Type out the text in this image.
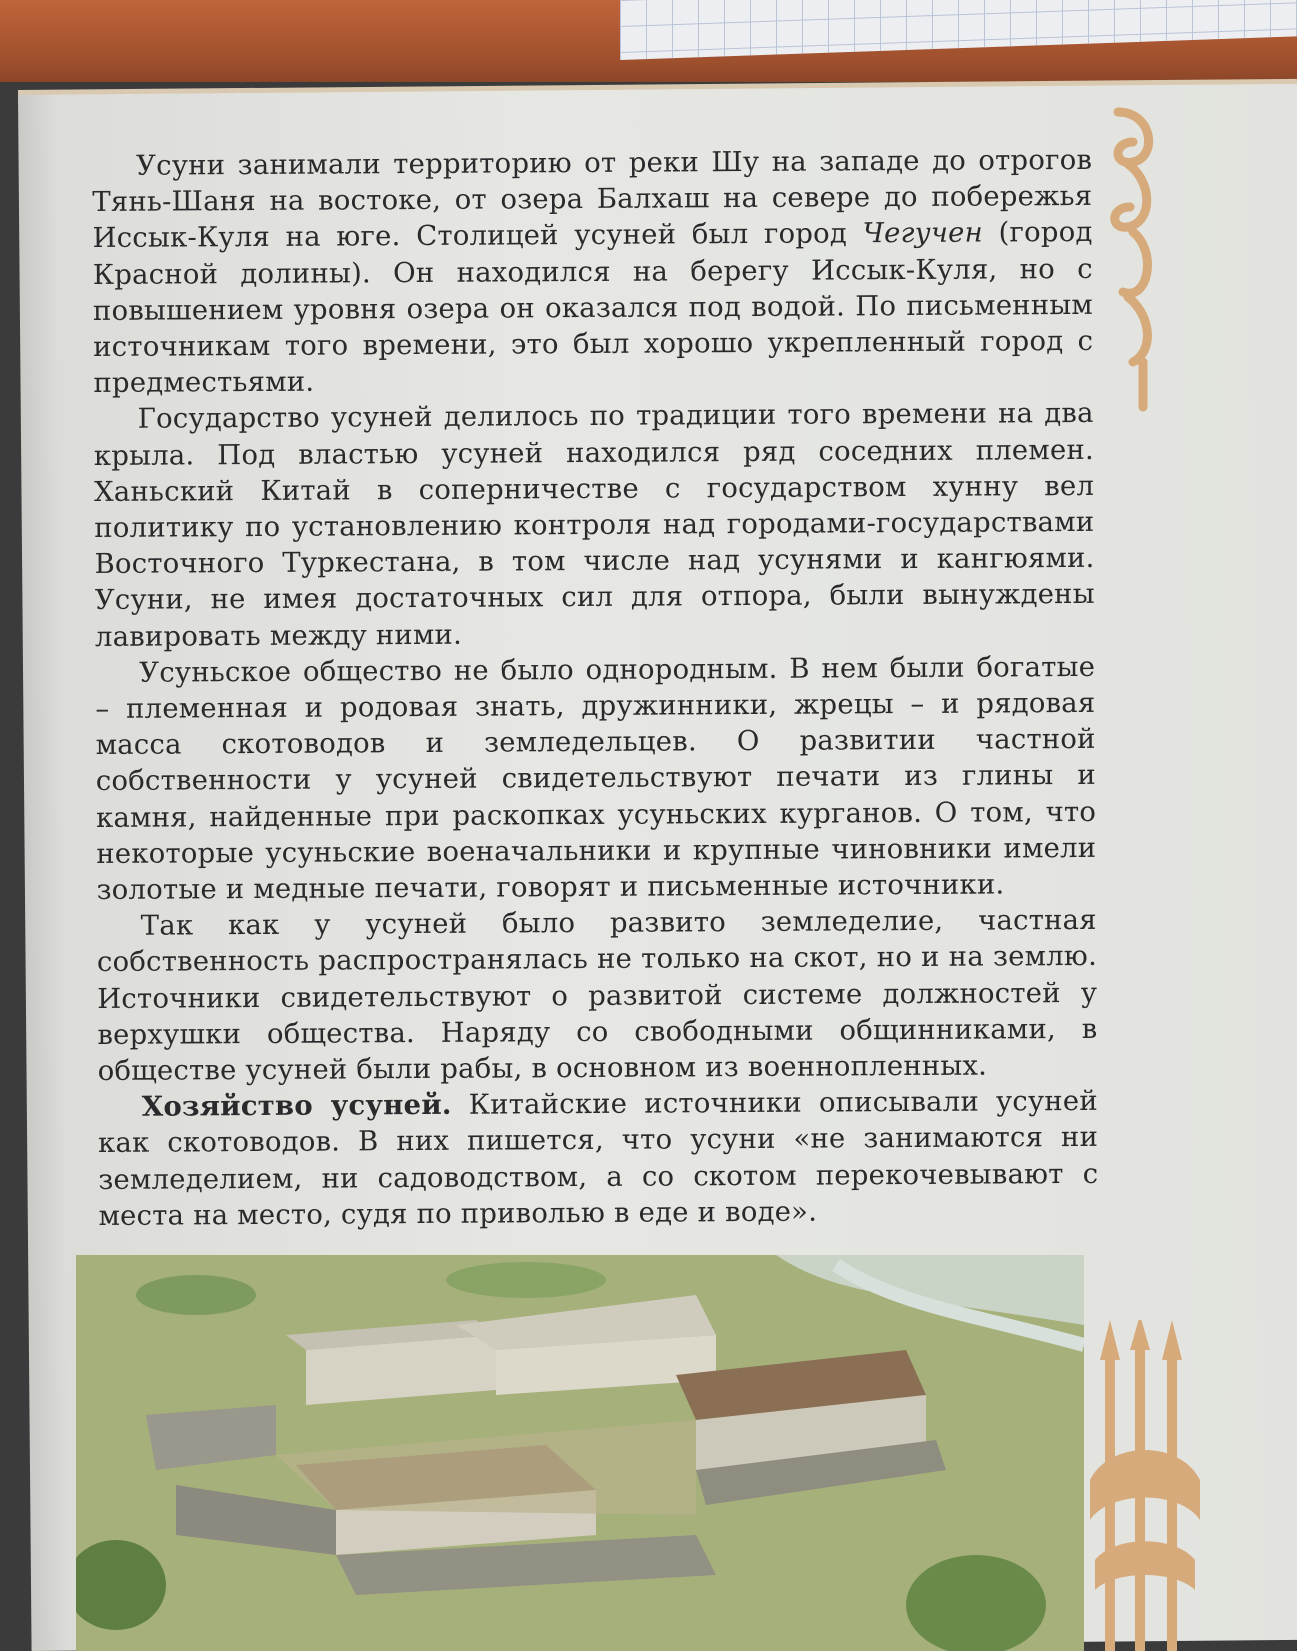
Усуни занимали территорию от реки Шу на западе до отрогов Тянь-Шаня на востоке, от озера Балхаш на севере до побережья Иссык-Куля на юге. Столицей усуней был город Чегучен (город Красной долины). Он находился на берегу Иссык-Куля, но с повышением уровня озера он оказался под водой. По письменным источникам того времени, это был хорошо укрепленный город с предместьями.

Государство усуней делилось по традиции того времени на два крыла. Под властью усуней находился ряд соседних племен. Ханьский Китай в соперничестве с государством хунну вел политику по установлению контроля над городами-государствами Восточного Туркестана, в том числе над усунями и кангюями. Усуни, не имея достаточных сил для отпора, были вынуждены лавировать между ними.

Усуньское общество не было однородным. В нем были богатые – племенная и родовая знать, дружинники, жрецы – и рядовая масса скотоводов и земледельцев. О развитии частной собственности у усуней свидетельствуют печати из глины и камня, найденные при раскопках усуньских курганов. О том, что некоторые усуньские военачальники и крупные чиновники имели золотые и медные печати, говорят и письменные источники.

Так как у усуней было развито земледелие, частная собственность распространялась не только на скот, но и на землю. Источники свидетельствуют о развитой системе должностей у верхушки общества. Наряду со свободными общинниками, в обществе усуней были рабы, в основном из военнопленных.

Хозяйство усуней. Китайские источники описывали усуней как скотоводов. В них пишется, что усуни «не занимаются ни земледелием, ни садоводством, а со скотом перекочевывают с места на место, судя по приволью в еде и воде».
